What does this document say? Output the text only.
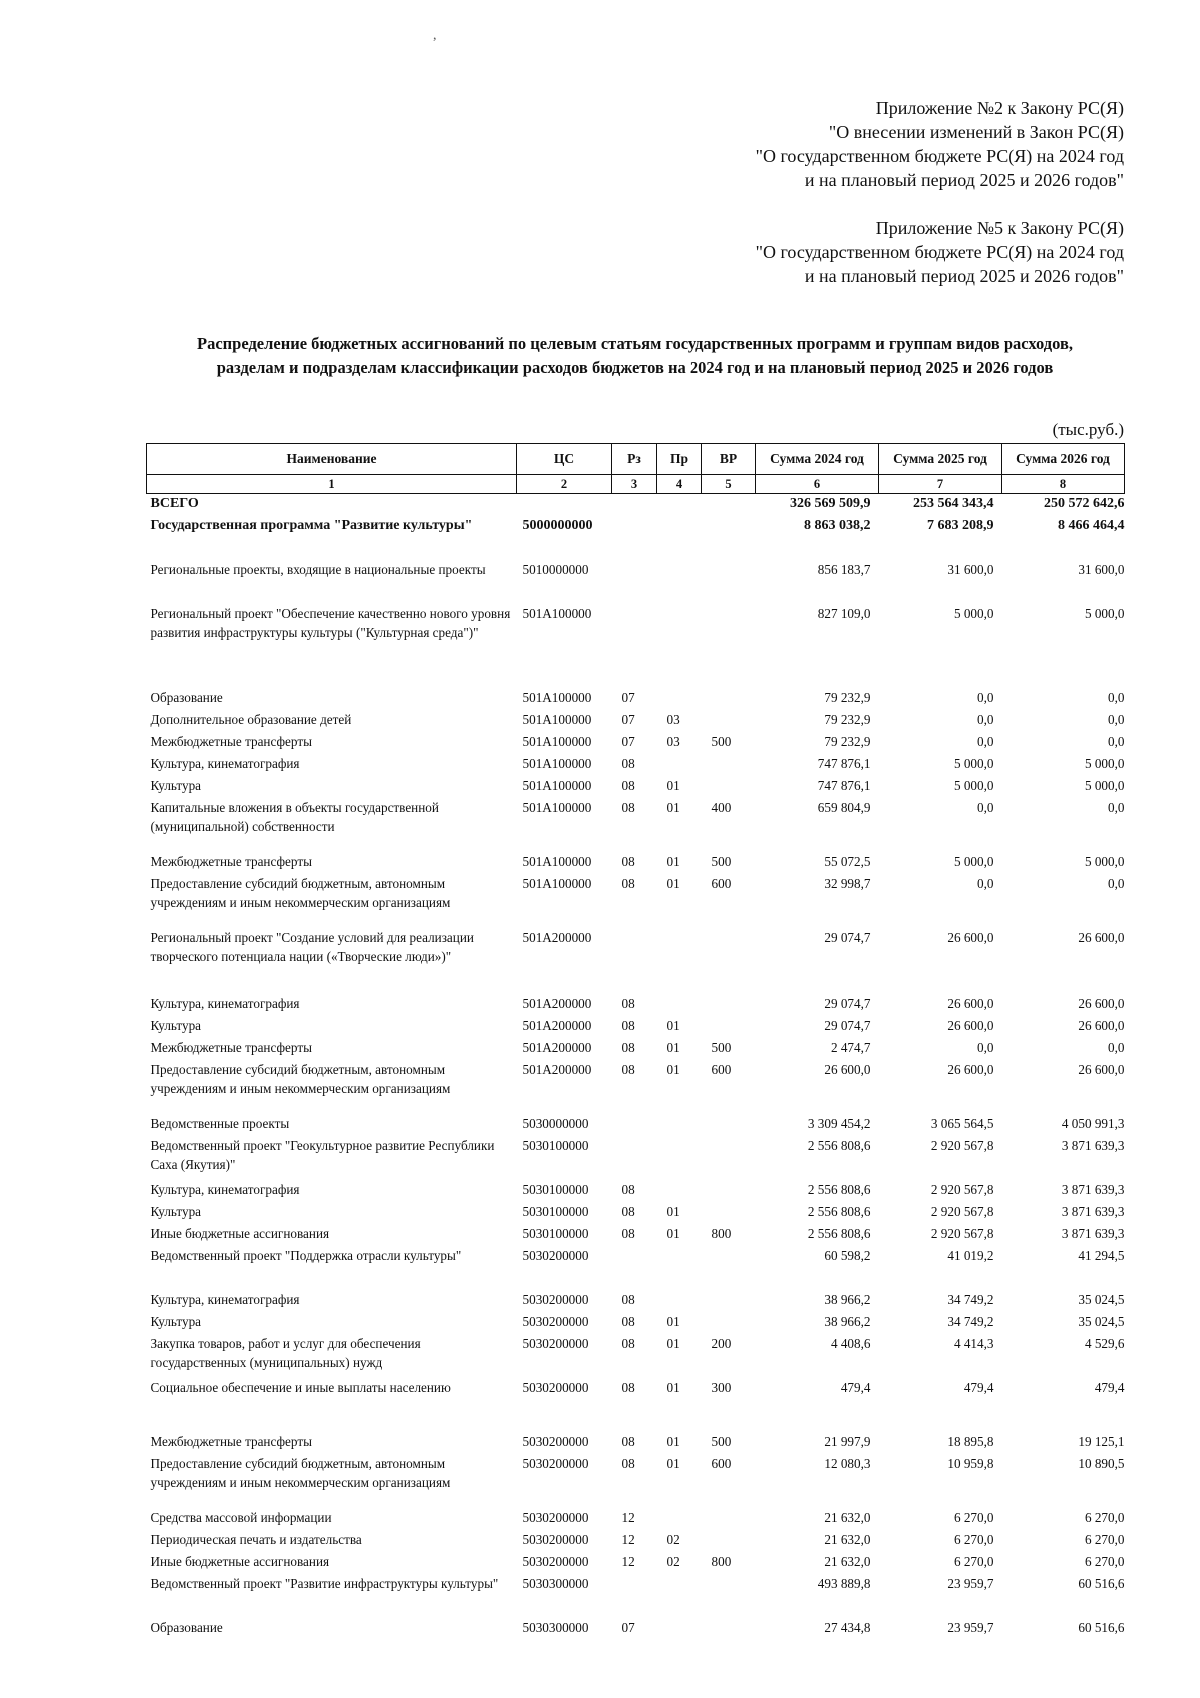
,
Приложение №2 к Закону РС(Я)
"О внесении изменений в Закон РС(Я)
"О государственном бюджете РС(Я) на 2024 год
и на плановый период 2025 и 2026 годов"
Приложение №5 к Закону РС(Я)
"О государственном бюджете РС(Я) на 2024 год
и на плановый период 2025 и 2026 годов"
Распределение бюджетных ассигнований по целевым статьям государственных программ и группам видов расходов,
разделам и подразделам классификации расходов бюджетов на 2024 год и на плановый период 2025 и 2026 годов
(тыс.руб.)
Наименование	ЦС	Рз	Пр	ВР	Сумма 2024 год	Сумма 2025 год	Сумма 2026 год
1	2	3	4	5	6	7	8
ВСЕГО					326 569 509,9	253 564 343,4	250 572 642,6
Государственная программа "Развитие культуры"	5000000000				8 863 038,2	7 683 208,9	8 466 464,4
Региональные проекты, входящие в национальные проекты	5010000000				856 183,7	31 600,0	31 600,0
Региональный проект "Обеспечение качественно нового уровня развития инфраструктуры культуры ("Культурная среда")"	501A100000				827 109,0	5 000,0	5 000,0
Образование	501A100000	07			79 232,9	0,0	0,0
Дополнительное образование детей	501A100000	07	03		79 232,9	0,0	0,0
Межбюджетные трансферты	501A100000	07	03	500	79 232,9	0,0	0,0
Культура, кинематография	501A100000	08			747 876,1	5 000,0	5 000,0
Культура	501A100000	08	01		747 876,1	5 000,0	5 000,0
Капитальные вложения в объекты государственной (муниципальной) собственности	501A100000	08	01	400	659 804,9	0,0	0,0
Межбюджетные трансферты	501A100000	08	01	500	55 072,5	5 000,0	5 000,0
Предоставление субсидий бюджетным, автономным учреждениям и иным некоммерческим организациям	501A100000	08	01	600	32 998,7	0,0	0,0
Региональный проект "Создание условий для реализации творческого потенциала нации («Творческие люди»)"	501A200000				29 074,7	26 600,0	26 600,0
Культура, кинематография	501A200000	08			29 074,7	26 600,0	26 600,0
Культура	501A200000	08	01		29 074,7	26 600,0	26 600,0
Межбюджетные трансферты	501A200000	08	01	500	2 474,7	0,0	0,0
Предоставление субсидий бюджетным, автономным учреждениям и иным некоммерческим организациям	501A200000	08	01	600	26 600,0	26 600,0	26 600,0
Ведомственные проекты	5030000000				3 309 454,2	3 065 564,5	4 050 991,3
Ведомственный проект "Геокультурное развитие Республики Саха (Якутия)"	5030100000				2 556 808,6	2 920 567,8	3 871 639,3
Культура, кинематография	5030100000	08			2 556 808,6	2 920 567,8	3 871 639,3
Культура	5030100000	08	01		2 556 808,6	2 920 567,8	3 871 639,3
Иные бюджетные ассигнования	5030100000	08	01	800	2 556 808,6	2 920 567,8	3 871 639,3
Ведомственный проект "Поддержка отрасли культуры"	5030200000				60 598,2	41 019,2	41 294,5
Культура, кинематография	5030200000	08			38 966,2	34 749,2	35 024,5
Культура	5030200000	08	01		38 966,2	34 749,2	35 024,5
Закупка товаров, работ и услуг для обеспечения государственных (муниципальных) нужд	5030200000	08	01	200	4 408,6	4 414,3	4 529,6
Социальное обеспечение и иные выплаты населению	5030200000	08	01	300	479,4	479,4	479,4
Межбюджетные трансферты	5030200000	08	01	500	21 997,9	18 895,8	19 125,1
Предоставление субсидий бюджетным, автономным учреждениям и иным некоммерческим организациям	5030200000	08	01	600	12 080,3	10 959,8	10 890,5
Средства массовой информации	5030200000	12			21 632,0	6 270,0	6 270,0
Периодическая печать и издательства	5030200000	12	02		21 632,0	6 270,0	6 270,0
Иные бюджетные ассигнования	5030200000	12	02	800	21 632,0	6 270,0	6 270,0
Ведомственный проект "Развитие инфраструктуры культуры"	5030300000				493 889,8	23 959,7	60 516,6
Образование	5030300000	07			27 434,8	23 959,7	60 516,6
